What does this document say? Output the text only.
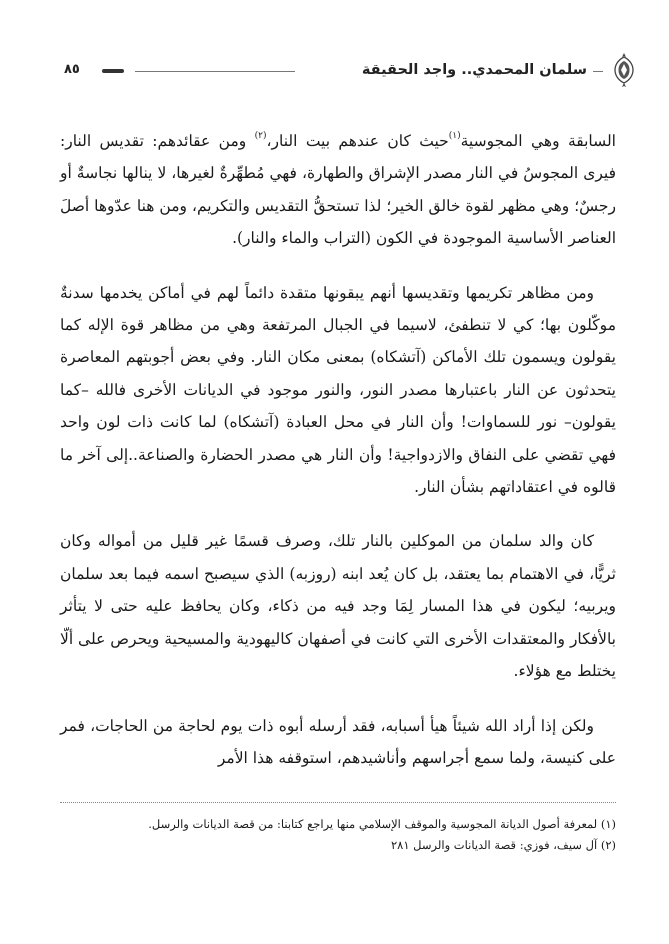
سلمان المحمدي.. واجد الحقيقة
٨٥

السابقة وهي المجوسية$^{(١)}$حيث كان عندهم بيت النار،$^{(٢)}$ ومن عقائدهم: تقديس النار: فيرى المجوسُ في النار مصدر الإشراق والطهارة، فهي مُطهِّرةٌ لغيرها، لا ينالها نجاسةٌ أو رجسٌ؛ وهي مظهر لقوة خالق الخير؛ لذا تستحقُّ التقديس والتكريم، ومن هنا عدّوها أصلَ العناصر الأساسية الموجودة في الكون (التراب والماء والنار).

ومن مظاهر تكريمها وتقديسها أنهم يبقونها متقدة دائماً لهم في أماكن يخدمها سدنةٌ موكّلون بها؛ كي لا تنطفئ، لاسيما في الجبال المرتفعة وهي من مظاهر قوة الإله كما يقولون ويسمون تلك الأماكن (آتشكاه) بمعنى مكان النار. وفي بعض أجوبتهم المعاصرة يتحدثون عن النار باعتبارها مصدر النور، والنور موجود في الديانات الأخرى فالله –كما يقولون– نور للسماوات! وأن النار في محل العبادة (آتشكاه) لما كانت ذات لون واحد فهي تقضي على النفاق والازدواجية! وأن النار هي مصدر الحضارة والصناعة..إلى آخر ما قالوه في اعتقاداتهم بشأن النار.

كان والد سلمان من الموكلين بالنار تلك، وصرف قسمًا غير قليل من أمواله وكان ثريًّا، في الاهتمام بما يعتقد، بل كان يُعد ابنه (روزبه) الذي سيصبح اسمه فيما بعد سلمان ويربيه؛ ليكون في هذا المسار لِمَا وجد فيه من ذكاء، وكان يحافظ عليه حتى لا يتأثر بالأفكار والمعتقدات الأخرى التي كانت في أصفهان كاليهودية والمسيحية ويحرص على ألّا يختلط مع هؤلاء.

ولكن إذا أراد الله شيئاً هيأ أسبابه، فقد أرسله أبوه ذات يوم لحاجة من الحاجات، فمر على كنيسة، ولما سمع أجراسهم وأناشيدهم، استوقفه هذا الأمر

(١) لمعرفة أصول الديانة المجوسية والموقف الإسلامي منها يراجع كتابنا: من قصة الديانات والرسل.
(٢) آل سيف، فوزي: قصة الديانات والرسل ٢٨١
